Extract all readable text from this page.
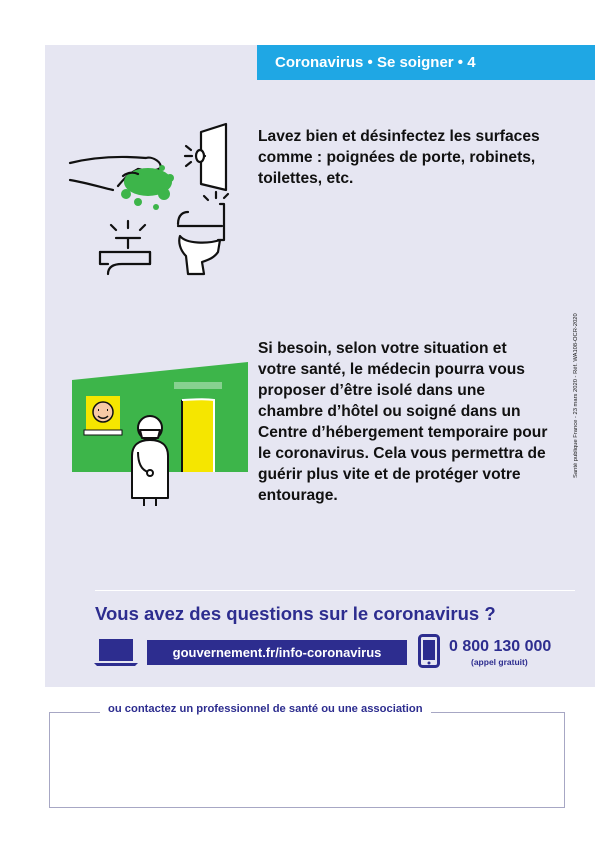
Coronavirus • Se soigner • 4
Lavez bien et désinfectez les surfaces comme : poignées de porte, robinets, toilettes, etc.
Si besoin, selon votre situation et votre santé, le médecin pourra vous proposer d’être isolé dans une chambre d’hôtel ou soigné dans un Centre d’hébergement temporaire pour le coronavirus. Cela vous permettra de guérir plus vite et de protéger votre entourage.
Santé publique France - 23 mars 2020 - Réf. WA108-OCR-2020
Vous avez des questions sur le coronavirus ?
gouvernement.fr/info-coronavirus	0 800 130 000
(appel gratuit)
ou contactez un professionnel de santé ou une association
